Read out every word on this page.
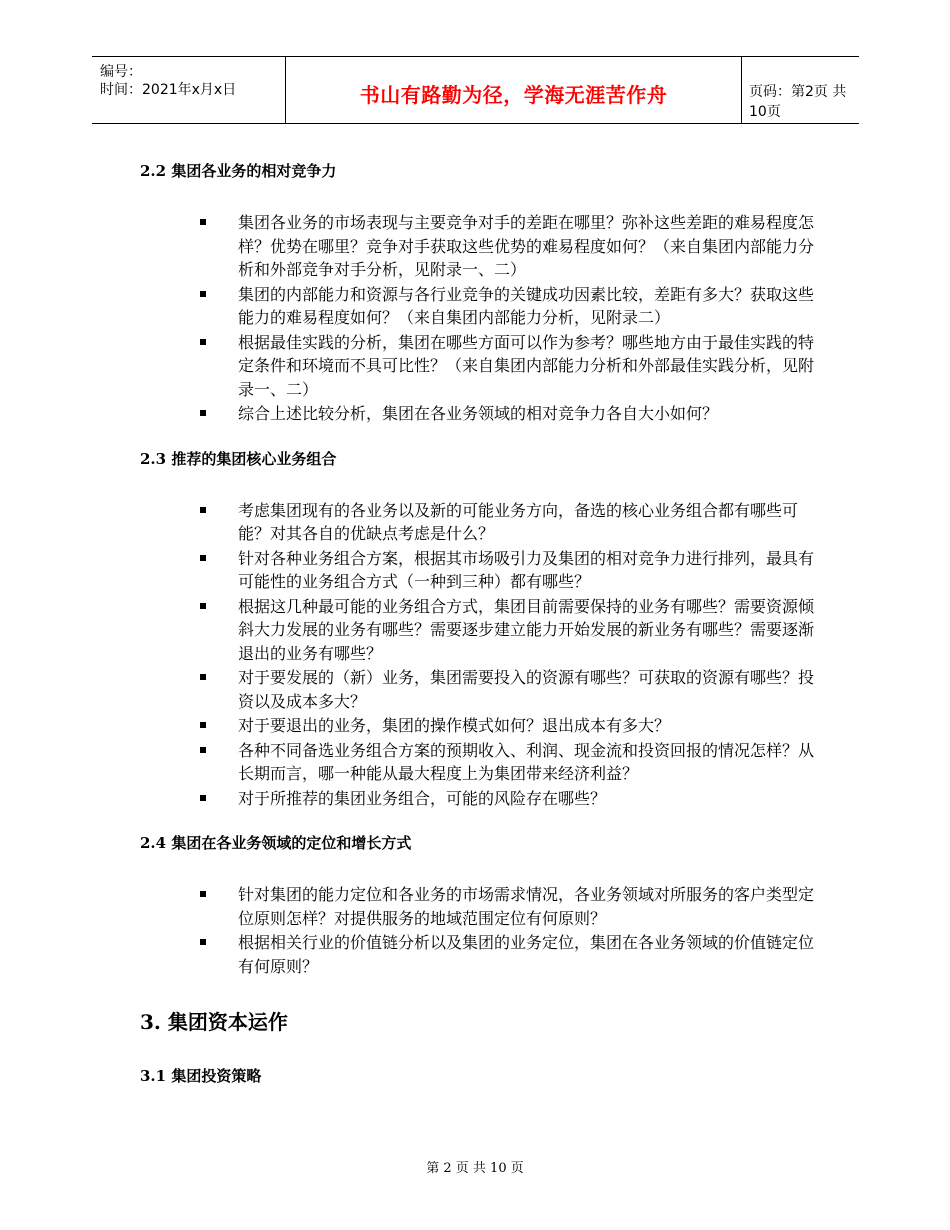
编号：
时间：2021年x月x日	书山有路勤为径，学海无涯苦作舟	页码：第2页 共10页
2.2 集团各业务的相对竞争力
集团各业务的市场表现与主要竞争对手的差距在哪里？弥补这些差距的难易程度怎样？优势在哪里？竞争对手获取这些优势的难易程度如何？（来自集团内部能力分析和外部竞争对手分析，见附录一、二）
集团的内部能力和资源与各行业竞争的关键成功因素比较，差距有多大？获取这些能力的难易程度如何？（来自集团内部能力分析，见附录二）
根据最佳实践的分析，集团在哪些方面可以作为参考？哪些地方由于最佳实践的特定条件和环境而不具可比性？（来自集团内部能力分析和外部最佳实践分析，见附录一、二）
综合上述比较分析，集团在各业务领域的相对竞争力各自大小如何？
2.3 推荐的集团核心业务组合
考虑集团现有的各业务以及新的可能业务方向，备选的核心业务组合都有哪些可能？对其各自的优缺点考虑是什么？
针对各种业务组合方案，根据其市场吸引力及集团的相对竞争力进行排列，最具有可能性的业务组合方式（一种到三种）都有哪些？
根据这几种最可能的业务组合方式，集团目前需要保持的业务有哪些？需要资源倾斜大力发展的业务有哪些？需要逐步建立能力开始发展的新业务有哪些？需要逐渐退出的业务有哪些？
对于要发展的（新）业务，集团需要投入的资源有哪些？可获取的资源有哪些？投资以及成本多大？
对于要退出的业务，集团的操作模式如何？退出成本有多大？
各种不同备选业务组合方案的预期收入、利润、现金流和投资回报的情况怎样？从长期而言，哪一种能从最大程度上为集团带来经济利益？
对于所推荐的集团业务组合，可能的风险存在哪些？
2.4 集团在各业务领域的定位和增长方式
针对集团的能力定位和各业务的市场需求情况，各业务领域对所服务的客户类型定位原则怎样？对提供服务的地域范围定位有何原则？
根据相关行业的价值链分析以及集团的业务定位，集团在各业务领域的价值链定位有何原则？
3. 集团资本运作
3.1 集团投资策略
第 2 页 共 10 页
